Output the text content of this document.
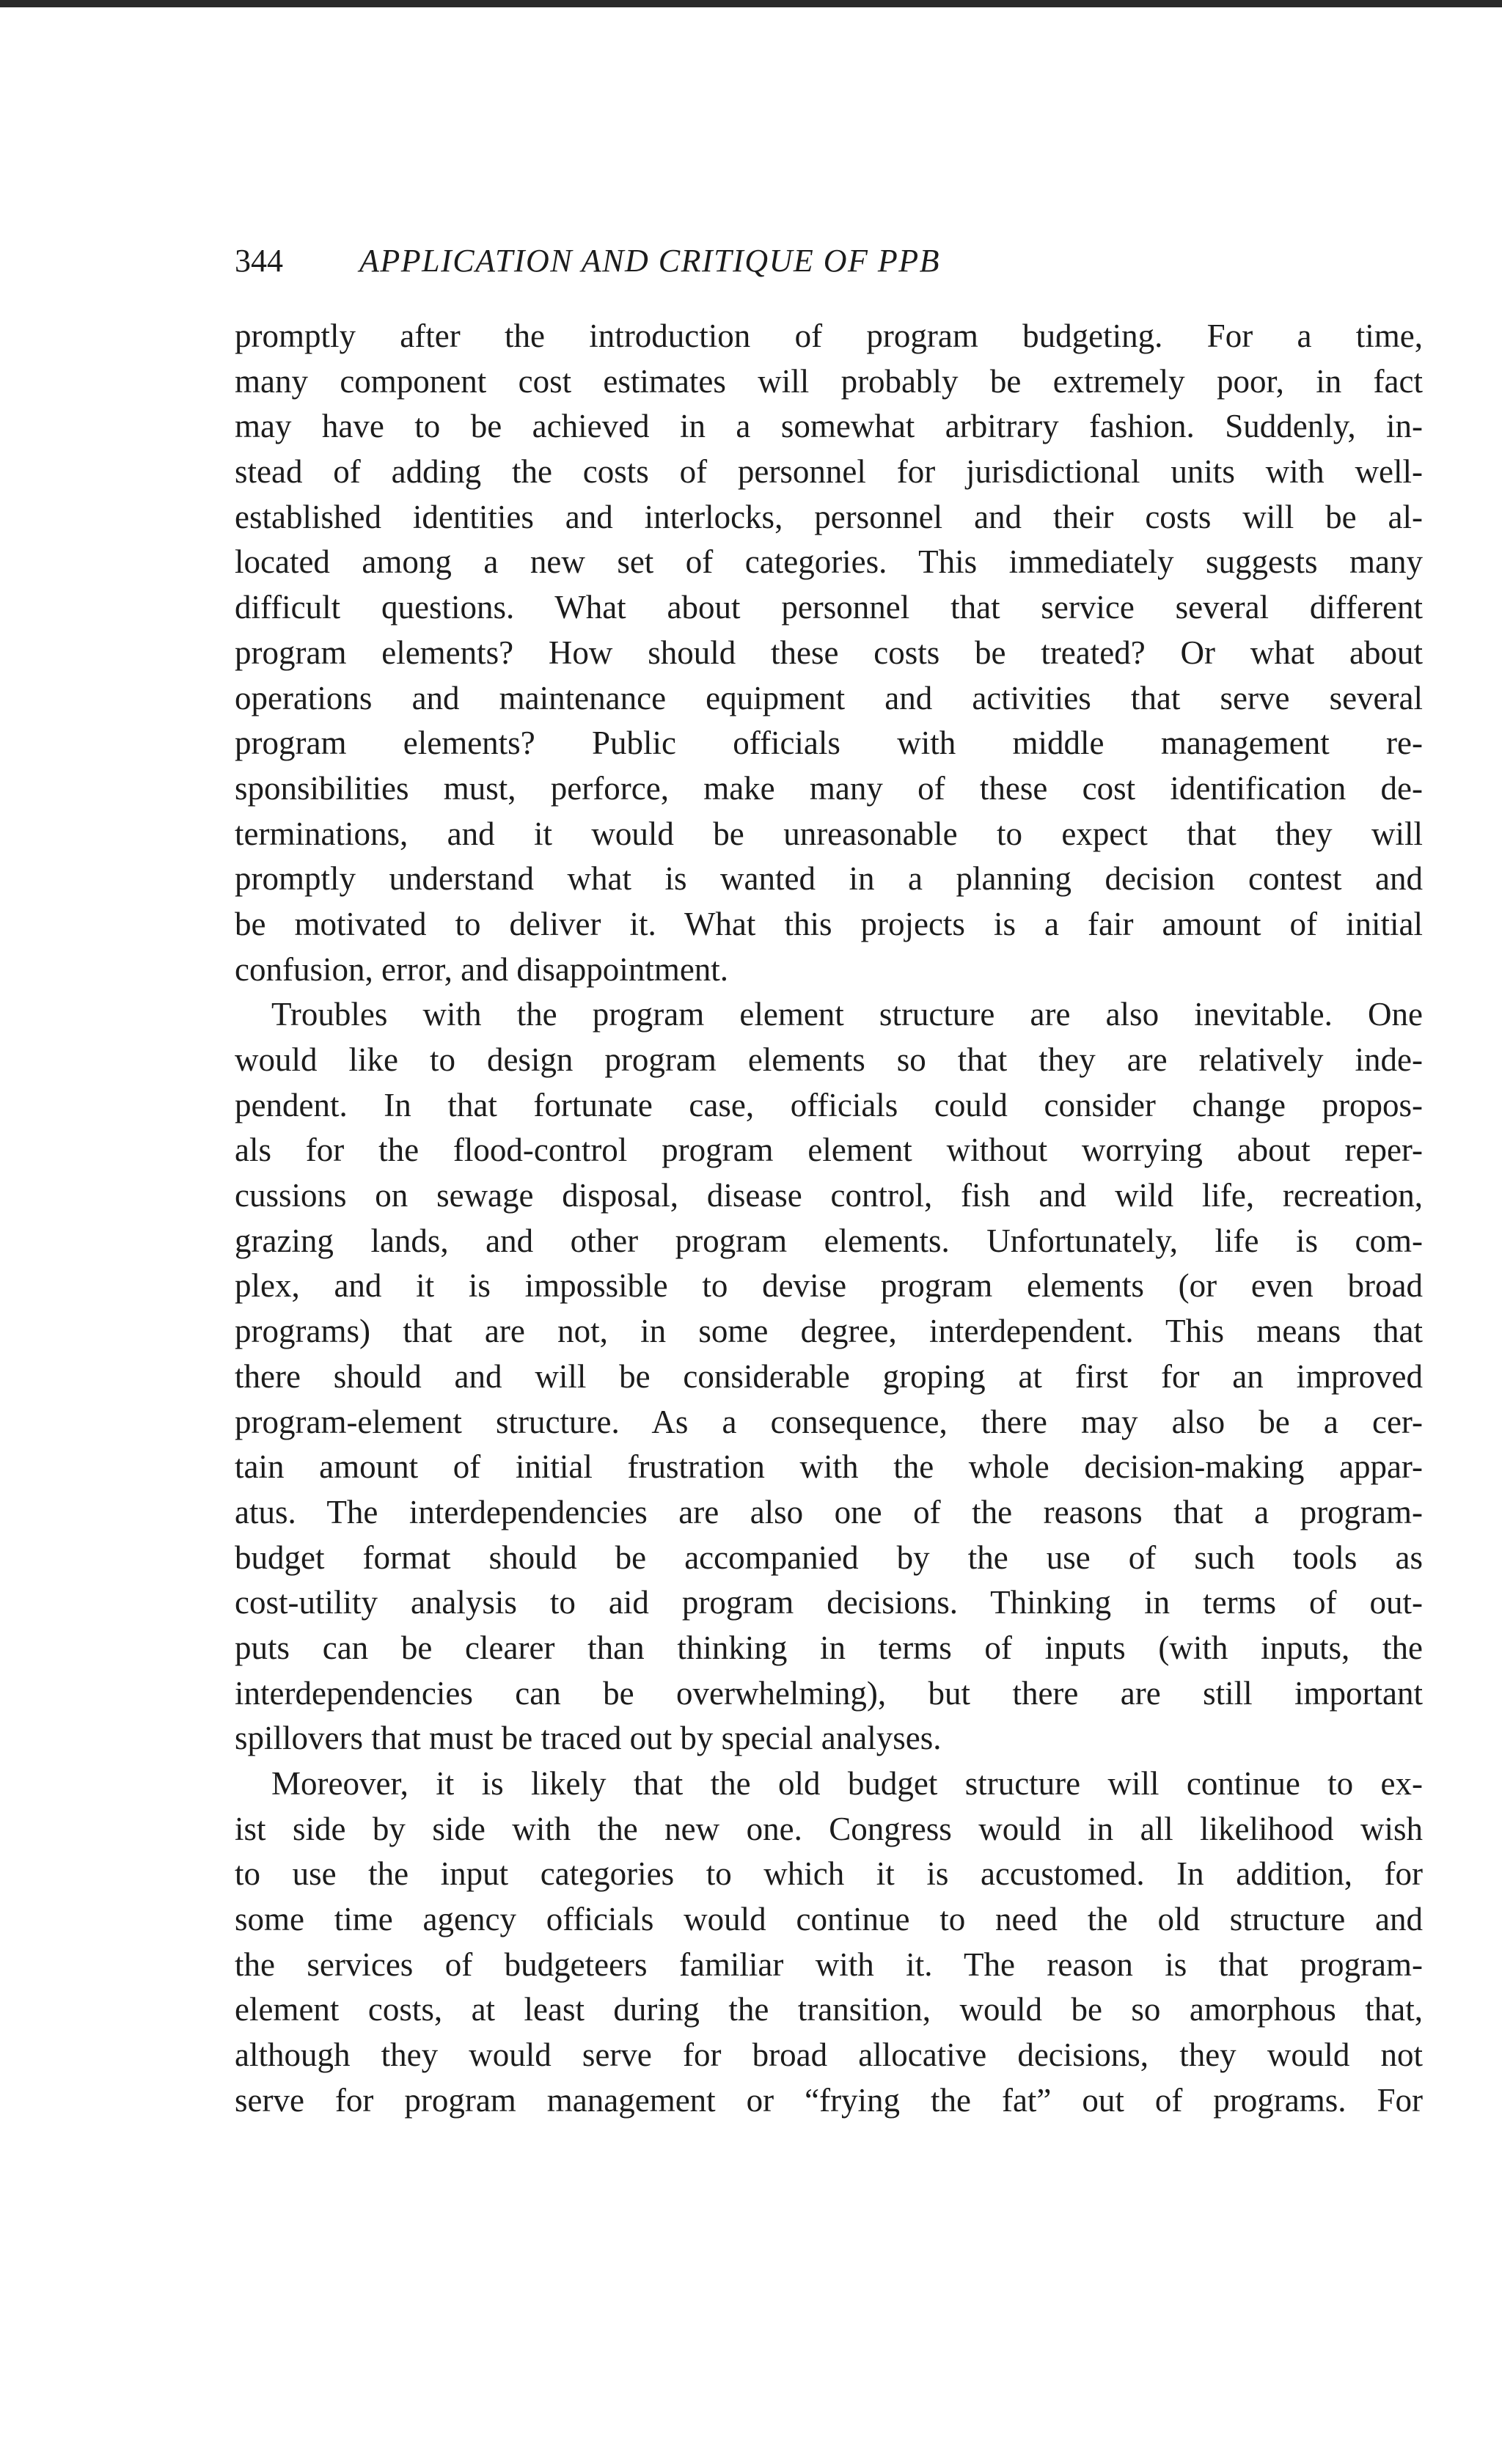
344 APPLICATION AND CRITIQUE OF PPB
promptly after the introduction of program budgeting. For a time,
many component cost estimates will probably be extremely poor, in fact
may have to be achieved in a somewhat arbitrary fashion. Suddenly, in-
stead of adding the costs of personnel for jurisdictional units with well-
established identities and interlocks, personnel and their costs will be al-
located among a new set of categories. This immediately suggests many
difficult questions. What about personnel that service several different
program elements? How should these costs be treated? Or what about
operations and maintenance equipment and activities that serve several
program elements? Public officials with middle management re-
sponsibilities must, perforce, make many of these cost identification de-
terminations, and it would be unreasonable to expect that they will
promptly understand what is wanted in a planning decision contest and
be motivated to deliver it. What this projects is a fair amount of initial
confusion, error, and disappointment.
Troubles with the program element structure are also inevitable. One
would like to design program elements so that they are relatively inde-
pendent. In that fortunate case, officials could consider change propos-
als for the flood-control program element without worrying about reper-
cussions on sewage disposal, disease control, fish and wild life, recreation,
grazing lands, and other program elements. Unfortunately, life is com-
plex, and it is impossible to devise program elements (or even broad
programs) that are not, in some degree, interdependent. This means that
there should and will be considerable groping at first for an improved
program-element structure. As a consequence, there may also be a cer-
tain amount of initial frustration with the whole decision-making appar-
atus. The interdependencies are also one of the reasons that a program-
budget format should be accompanied by the use of such tools as
cost-utility analysis to aid program decisions. Thinking in terms of out-
puts can be clearer than thinking in terms of inputs (with inputs, the
interdependencies can be overwhelming), but there are still important
spillovers that must be traced out by special analyses.
Moreover, it is likely that the old budget structure will continue to ex-
ist side by side with the new one. Congress would in all likelihood wish
to use the input categories to which it is accustomed. In addition, for
some time agency officials would continue to need the old structure and
the services of budgeteers familiar with it. The reason is that program-
element costs, at least during the transition, would be so amorphous that,
although they would serve for broad allocative decisions, they would not
serve for program management or “frying the fat” out of programs. For
